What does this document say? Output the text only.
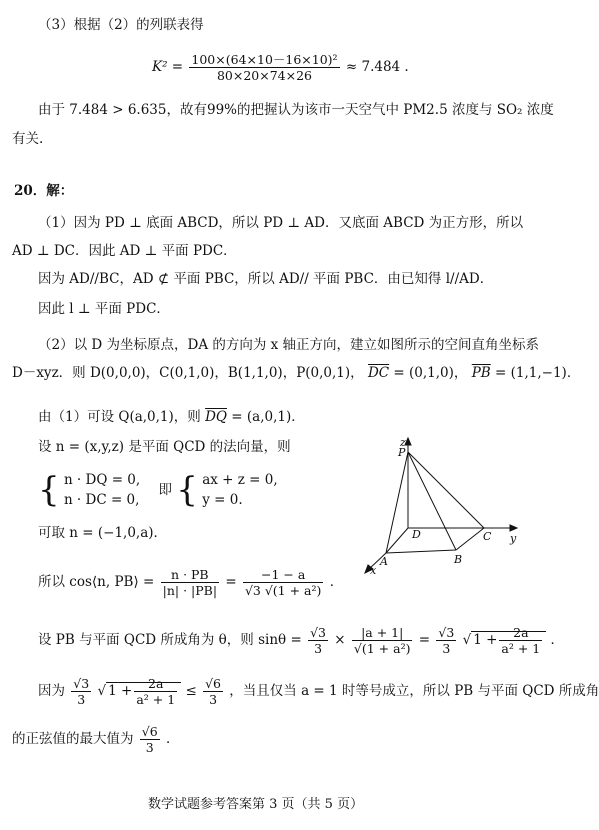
（3）根据（2）的列联表得
$K^2 = \frac{\text{100×(64×10－16×10)²}}{80\times 20\times 74\times 26} \approx 7.484$ .
由于 7.484 > 6.635，故有99%的把握认为该市一天空气中 PM2.5 浓度与 SO₂ 浓度
有关.
20．解：
（1）因为 PD ⊥ 底面 ABCD，所以 PD ⊥ AD．又底面 ABCD 为正方形，所以
AD ⊥ DC．因此 AD ⊥ 平面 PDC．
因为 AD//BC，AD ⊄ 平面 PBC，所以 AD// 平面 PBC．由已知得 l//AD．
因此 l ⊥ 平面 PDC．
（2）以 D 为坐标原点，DA 的方向为 x 轴正方向，建立如图所示的空间直角坐标系
D－xyz．则 D(0,0,0)，C(0,1,0)，B(1,1,0)，P(0,0,1)， $\overline{DC} = (0,1,0)$， $\overline{PB} = (1,1,-1)$．
由（1）可设 Q(a,0,1)，则 $\overline{DQ} = (a,0,1)$．
设 n = (x,y,z) 是平面 QCD 的法向量，则
{ n · DQ = 0,
n · DC = 0,
即 { ax + z = 0,
y = 0.
可取 n = (−1,0,a)．
所以 cos⟨n, PB⟩ = $\frac{n \cdot PB}{|n| \cdot |PB|} = \frac{-1 - a}{\text{√3 √(1 + a²)}}$ ．
设 PB 与平面 QCD 所成角为 θ，则 $\sin\theta = \frac{√3}{3} \times \frac{|a + 1|}{\text{√(1 + a²)}} = \frac{√3}{3}$ √ $1 + \frac{2a}{\text{a² + 1}}$ ．
因为 $\frac{√3}{3}$ √ $1 + \frac{2a}{\text{a² + 1}} \le \frac{√6}{3}$ ，当且仅当 a = 1 时等号成立，所以 PB 与平面 QCD 所成角
的正弦值的最大值为 $\frac{√6}{3}$ ．
z
P
D	C y
A	B
x
数学试题参考答案第 3 页（共 5 页）
